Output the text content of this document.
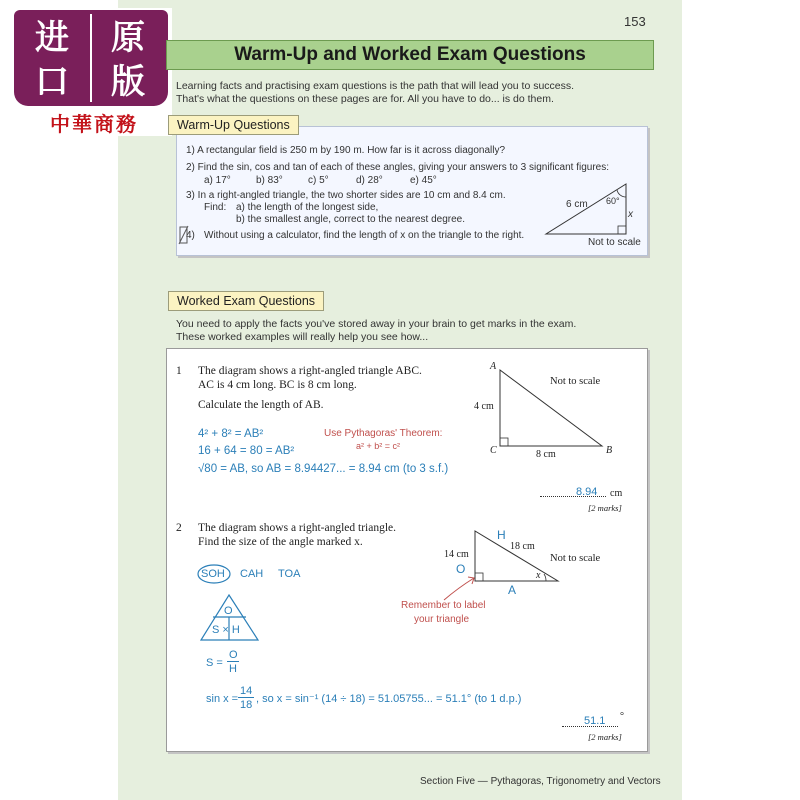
进 原
口 版
中華商務
153
Warm-Up and Worked Exam Questions
Learning facts and practising exam questions is the path that will lead you to success.
That's what the questions on these pages are for. All you have to do... is do them.
Warm-Up Questions
1) A rectangular field is 250 m by 190 m. How far is it across diagonally?
2) Find the sin, cos and tan of each of these angles, giving your answers to 3 significant figures:
a) 17°	b) 83°	c) 5°	d) 28°	e) 45°
3) In a right-angled triangle, the two shorter sides are 10 cm and 8.4 cm.
Find: a) the length of the longest side,
b) the smallest angle, correct to the nearest degree.
4) Without using a calculator, find the length of x on the triangle to the right.
6 cm 60°
x
Not to scale
Worked Exam Questions
You need to apply the facts you've stored away in your brain to get marks in the exam.
These worked examples will really help you see how...
1 The diagram shows a right-angled triangle ABC.
AC is 4 cm long. BC is 8 cm long.
Calculate the length of AB.
4² + 8² = AB²
16 + 64 = 80 = AB²
√80 = AB, so AB = 8.94427... = 8.94 cm (to 3 s.f.)
Use Pythagoras' Theorem:
a² + b² = c²
A
C	B
4 cm
8 cm
Not to scale
8.94 cm
[2 marks]
2 The diagram shows a right-angled triangle.
Find the size of the angle marked x.
SOH CAH TOA
O
S × H
S =
O
H
sin x =
14
18 , so x = sin⁻¹ (14 ÷ 18) = 51.05755... = 51.1° (to 1 d.p.)
H
18 cm
14 cm
O	x
A
Not to scale
Remember to label
your triangle
51.1 °
[2 marks]
Section Five — Pythagoras, Trigonometry and Vectors
